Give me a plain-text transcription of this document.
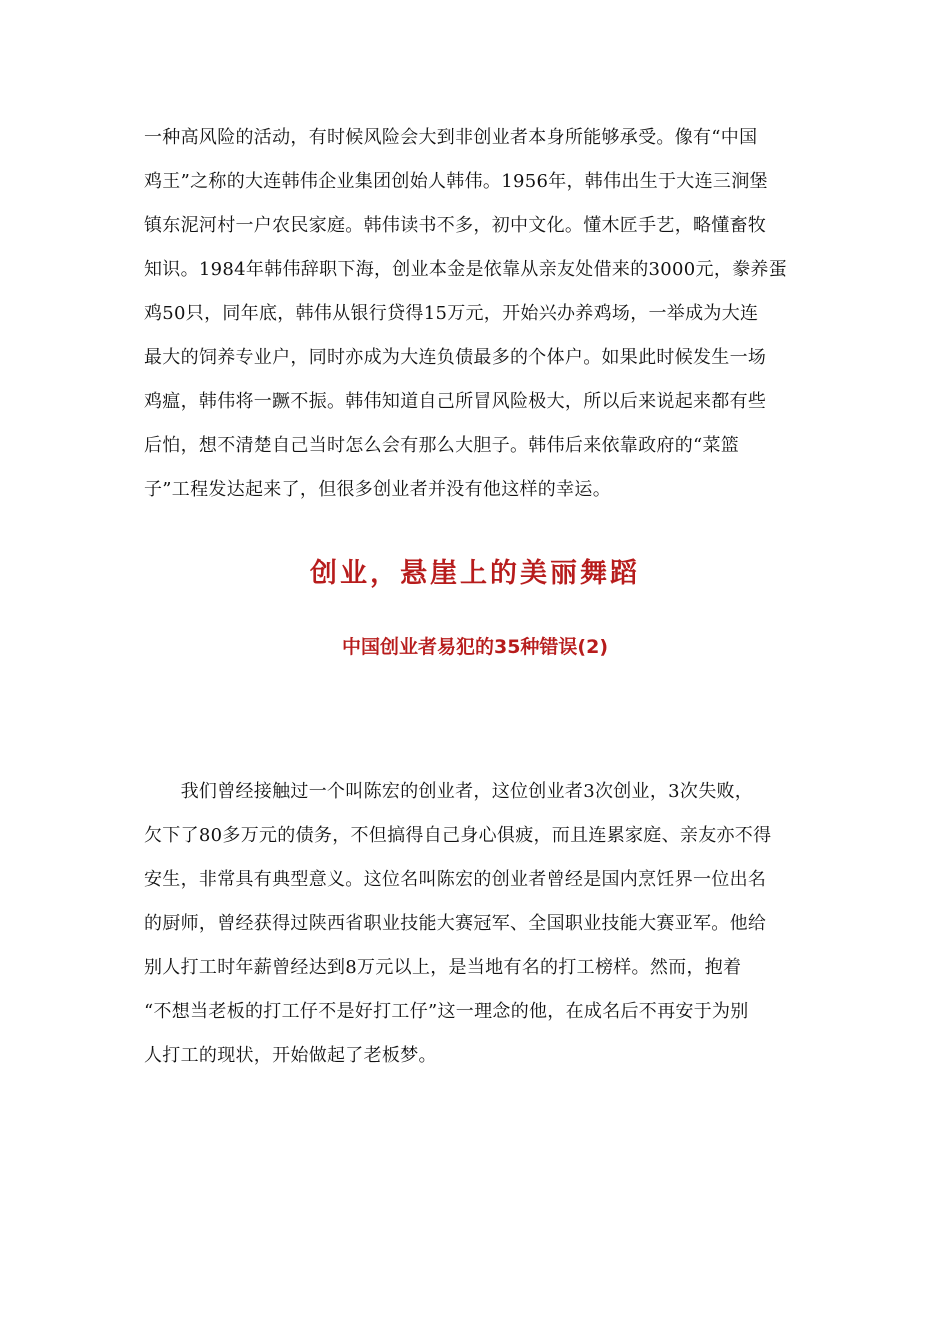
一种高风险的活动，有时候风险会大到非创业者本身所能够承受。像有“中国
鸡王”之称的大连韩伟企业集团创始人韩伟。1956年，韩伟出生于大连三涧堡
镇东泥河村一户农民家庭。韩伟读书不多，初中文化。懂木匠手艺，略懂畜牧
知识。1984年韩伟辞职下海，创业本金是依靠从亲友处借来的3000元，豢养蛋
鸡50只，同年底，韩伟从银行贷得15万元，开始兴办养鸡场，一举成为大连
最大的饲养专业户，同时亦成为大连负债最多的个体户。如果此时候发生一场
鸡瘟，韩伟将一蹶不振。韩伟知道自己所冒风险极大，所以后来说起来都有些
后怕，想不清楚自己当时怎么会有那么大胆子。韩伟后来依靠政府的“菜篮
子”工程发达起来了，但很多创业者并没有他这样的幸运。
创业，悬崖上的美丽舞蹈
中国创业者易犯的35种错误(2)
　　我们曾经接触过一个叫陈宏的创业者，这位创业者3次创业，3次失败，
欠下了80多万元的债务，不但搞得自己身心俱疲，而且连累家庭、亲友亦不得
安生，非常具有典型意义。这位名叫陈宏的创业者曾经是国内烹饪界一位出名
的厨师，曾经获得过陕西省职业技能大赛冠军、全国职业技能大赛亚军。他给
别人打工时年薪曾经达到8万元以上，是当地有名的打工榜样。然而，抱着
“不想当老板的打工仔不是好打工仔”这一理念的他，在成名后不再安于为别
人打工的现状，开始做起了老板梦。
